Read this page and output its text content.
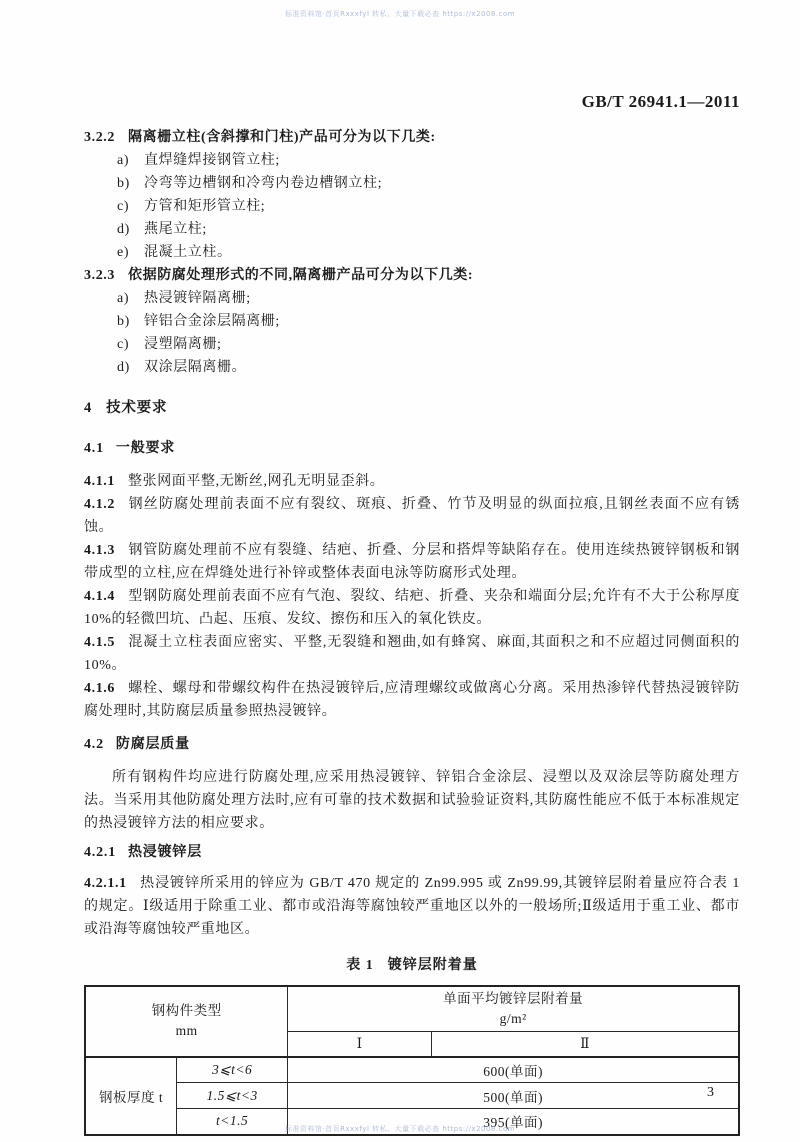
标准资料馆·首页Rxxxfyl 转私、大量下载必查 https://x2008.com
GB/T 26941.1—2011
3.2.2 隔离栅立柱(含斜撑和门柱)产品可分为以下几类:
a) 直焊缝焊接钢管立柱;
b) 冷弯等边槽钢和冷弯内卷边槽钢立柱;
c) 方管和矩形管立柱;
d) 燕尾立柱;
e) 混凝土立柱。
3.2.3 依据防腐处理形式的不同,隔离栅产品可分为以下几类:
a) 热浸镀锌隔离栅;
b) 锌铝合金涂层隔离栅;
c) 浸塑隔离栅;
d) 双涂层隔离栅。
4 技术要求
4.1 一般要求
4.1.1 整张网面平整,无断丝,网孔无明显歪斜。
4.1.2 钢丝防腐处理前表面不应有裂纹、斑痕、折叠、竹节及明显的纵面拉痕,且钢丝表面不应有锈蚀。
4.1.3 钢管防腐处理前不应有裂缝、结疤、折叠、分层和搭焊等缺陷存在。使用连续热镀锌钢板和钢带成型的立柱,应在焊缝处进行补锌或整体表面电泳等防腐形式处理。
4.1.4 型钢防腐处理前表面不应有气泡、裂纹、结疤、折叠、夹杂和端面分层;允许有不大于公称厚度10%的轻微凹坑、凸起、压痕、发纹、擦伤和压入的氧化铁皮。
4.1.5 混凝土立柱表面应密实、平整,无裂缝和翘曲,如有蜂窝、麻面,其面积之和不应超过同侧面积的 10%。
4.1.6 螺栓、螺母和带螺纹构件在热浸镀锌后,应清理螺纹或做离心分离。采用热渗锌代替热浸镀锌防腐处理时,其防腐层质量参照热浸镀锌。
4.2 防腐层质量
所有钢构件均应进行防腐处理,应采用热浸镀锌、锌铝合金涂层、浸塑以及双涂层等防腐处理方法。当采用其他防腐处理方法时,应有可靠的技术数据和试验验证资料,其防腐性能应不低于本标准规定的热浸镀锌方法的相应要求。
4.2.1 热浸镀锌层
4.2.1.1 热浸镀锌所采用的锌应为 GB/T 470 规定的 Zn99.995 或 Zn99.99,其镀锌层附着量应符合表 1 的规定。Ⅰ级适用于除重工业、都市或沿海等腐蚀较严重地区以外的一般场所;Ⅱ级适用于重工业、都市或沿海等腐蚀较严重地区。
表 1 镀锌层附着量
钢构件类型
mm

单面平均镀锌层附着量
g/m²

		Ⅰ	Ⅱ
钢板厚度 t	3⩽t<6	600(单面)	
	1.5⩽t<3	500(单面)	
	t<1.5	395(单面)	
3
标准资料馆·首页Rxxxfyl 转私、大量下载必查 https://x2008.com
